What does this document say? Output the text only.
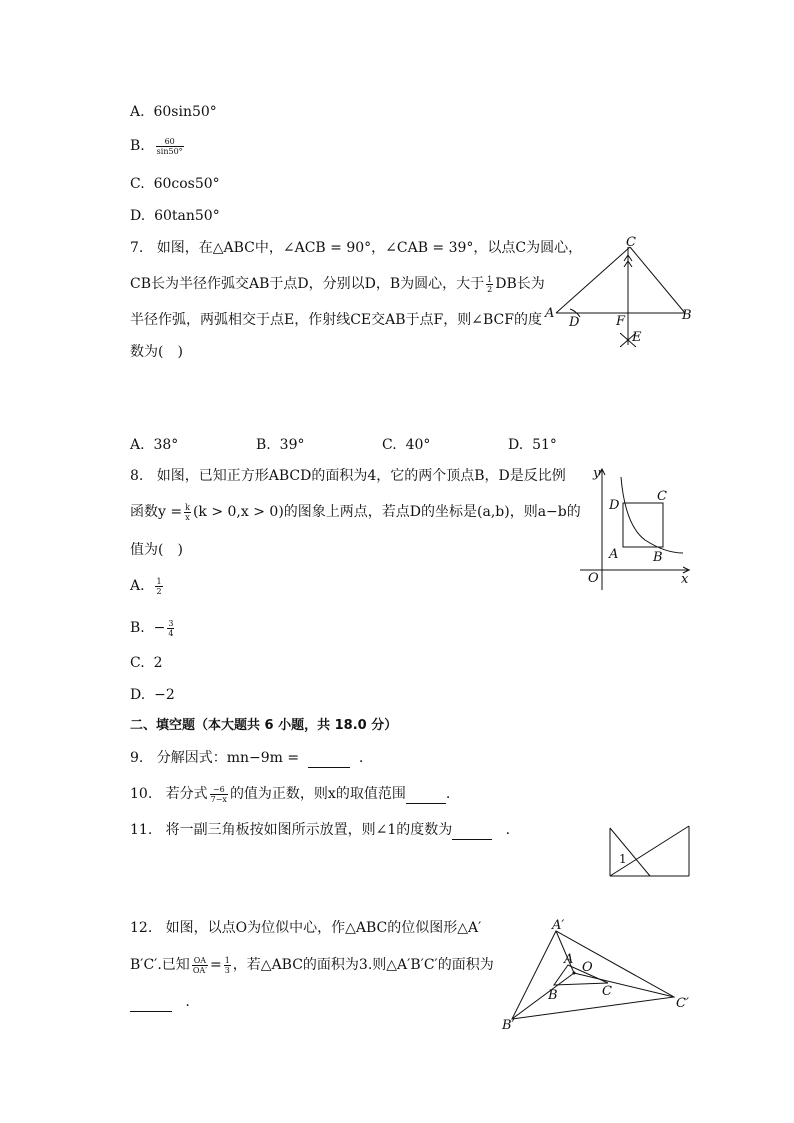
A. 60sin50°
B. $\frac{60}{\sin 50^\circ}$
C. 60cos50°
D. 60tan50°
7. 如图，在△ABC中，∠ACB = 90°，∠CAB = 39°，以点C为圆心，
CB长为半径作弧交AB于点D，分别以D，B为圆心，大于 $\frac{1}{2}$ DB长为
半径作弧，两弧相交于点E，作射线CE交AB于点F，则∠BCF的度
数为(　)
C
A
D	F	B
E
A. 38°	B. 39°	C. 40°	D. 51°
8. 如图，已知正方形ABCD的面积为4，它的两个顶点B，D是反比例
函数$y = \frac{k}{x} (k > 0,x > 0)$的图象上两点，若点D的坐标是(a,b)，则a−b的
值为(　)
y
x
O
D
C
A	B
A. $\frac{1}{2}$
B. − $\frac{3}{4}$
C. 2
D. −2
二、填空题（本大题共 6 小题，共 18.0 分）
9. 分解因式：mn−9m =	.
10. 若分式 $\frac{-6}{7-x}$ 的值为正数，则x的取值范围	.
11. 将一副三角板按如图所示放置，则∠1的度数为	.
1
12. 如图，以点O为位似中心，作△ABC的位似图形△A′
B′C′.已知 $\frac{OA}{OA'} = \frac{1}{3}$ ，若△ABC的面积为3.则△A′B′C′的面积为
.
A′
B′
C′
A
B	C
O
